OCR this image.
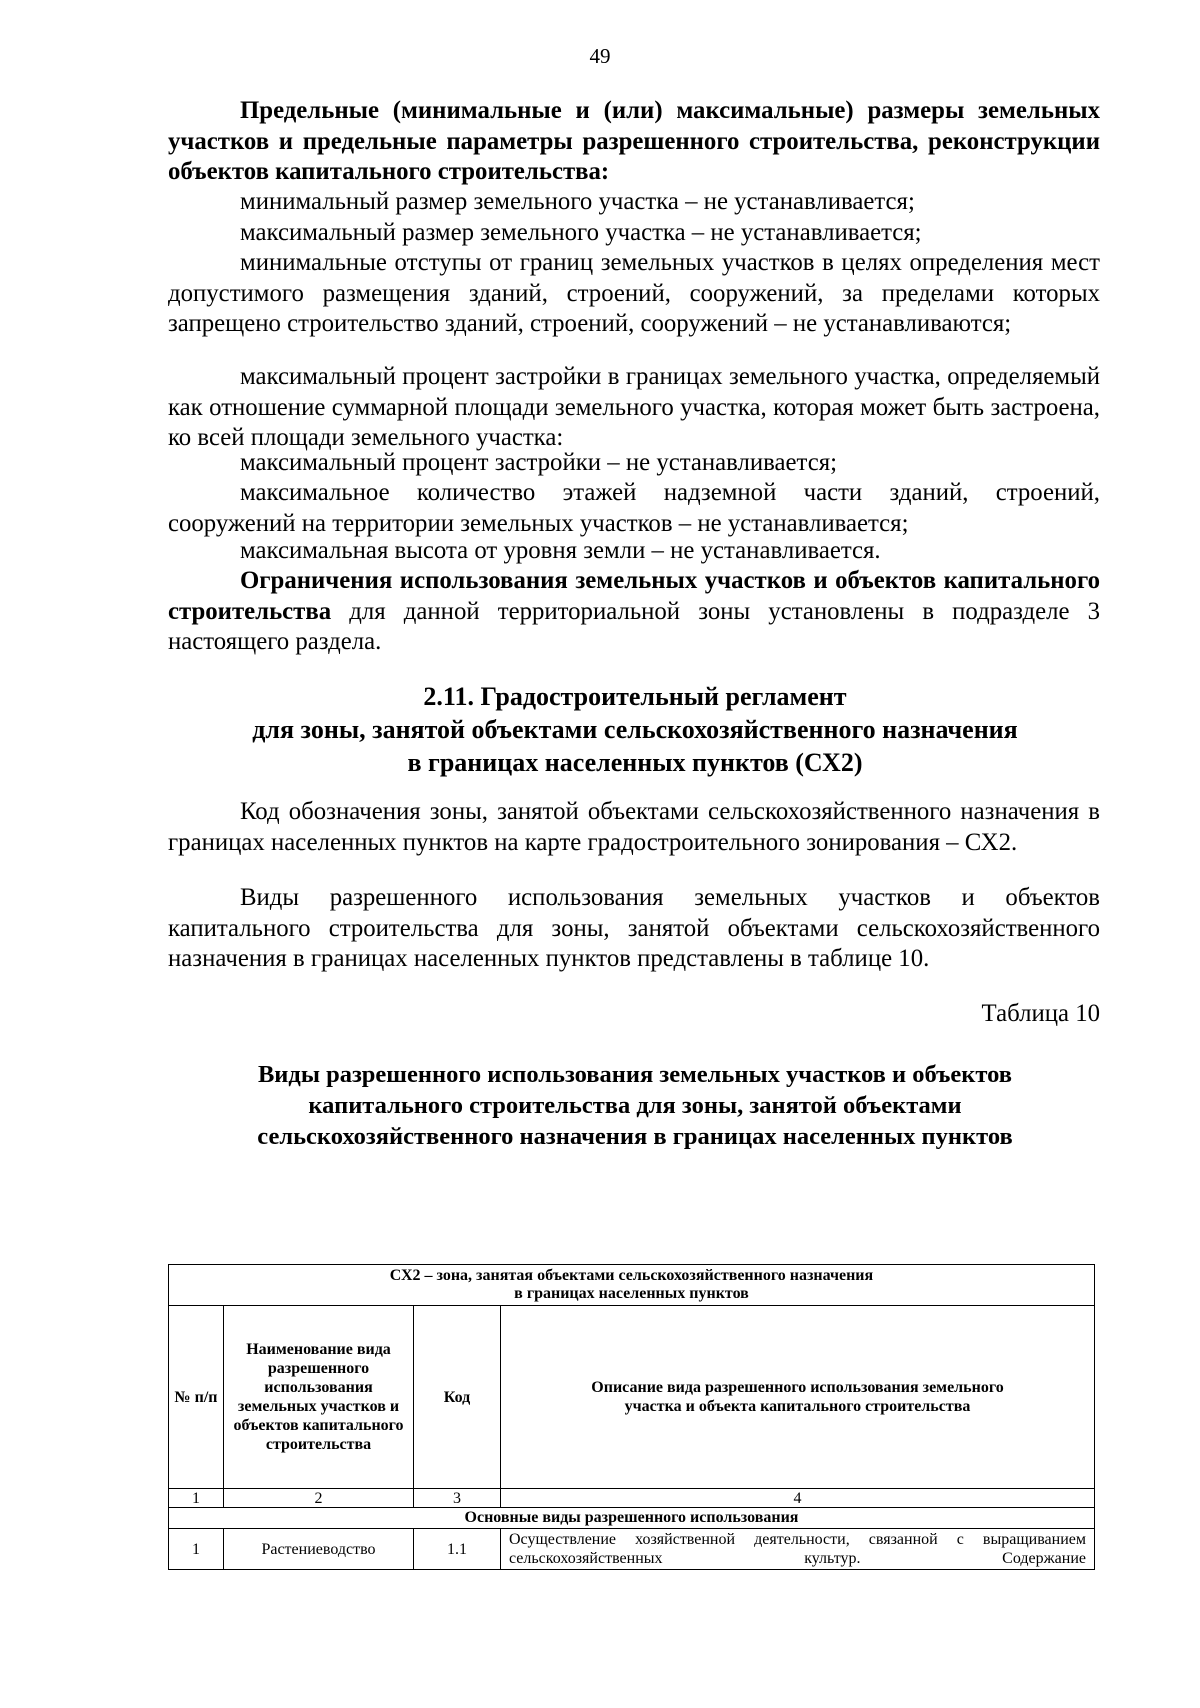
49

Предельные (минимальные и (или) максимальные) размеры земельных участков и предельные параметры разрешенного строительства, реконструкции объектов капитального строительства:

минимальный размер земельного участка – не устанавливается;

максимальный размер земельного участка – не устанавливается;

минимальные отступы от границ земельных участков в целях определения мест допустимого размещения зданий, строений, сооружений, за пределами которых запрещено строительство зданий, строений, сооружений – не устанавливаются;

максимальный процент застройки в границах земельного участка, определяемый как отношение суммарной площади земельного участка, которая может быть застроена, ко всей площади земельного участка:

максимальный процент застройки – не устанавливается;

максимальное количество этажей надземной части зданий, строений, сооружений на территории земельных участков – не устанавливается;

максимальная высота от уровня земли – не устанавливается.

Ограничения использования земельных участков и объектов капитального строительства для данной территориальной зоны установлены в подразделе 3 настоящего раздела.

2.11. Градостроительный регламент
для зоны, занятой объектами сельскохозяйственного назначения
в границах населенных пунктов (СХ2)

Код обозначения зоны, занятой объектами сельскохозяйственного назначения в границах населенных пунктов на карте градостроительного зонирования – СХ2.

Виды разрешенного использования земельных участков и объектов капитального строительства для зоны, занятой объектами сельскохозяйственного назначения в границах населенных пунктов представлены в таблице 10.

Таблица 10
Виды разрешенного использования земельных участков и объектов
капитального строительства для зоны, занятой объектами
сельскохозяйственного назначения в границах населенных пунктов
СХ2 – зона, занятая объектами сельскохозяйственного назначения
в границах населенных пунктов			

№ п/п	Наименование вида разрешенного использования земельных участков и объектов капитального строительства	Код	Описание вида разрешенного использования земельного участка и объекта капитального строительства
1	2	3	4
Основные виды разрешенного использования			
1	Растениеводство	1.1	Осуществление хозяйственной деятельности, связанной с выращиванием сельскохозяйственных культур. Содержание
